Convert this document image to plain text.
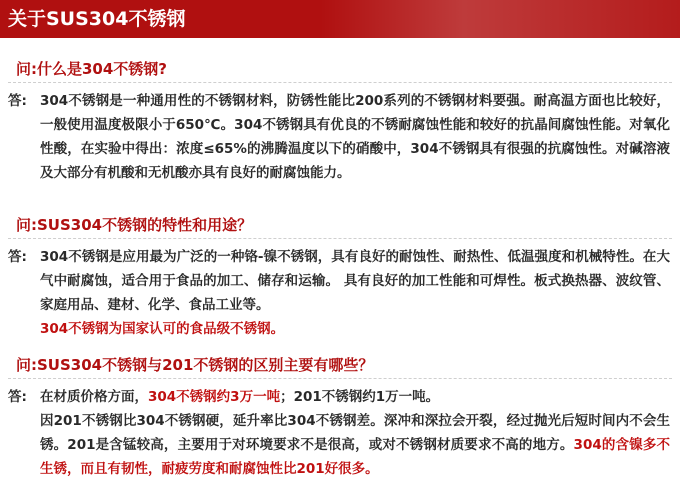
关于SUS304不锈钢
问:什么是304不锈钢?
答: 304不锈钢是一种通用性的不锈钢材料，防锈性能比200系列的不锈钢材料要强。耐高温方面也比较好，一般使用温度极限小于650℃。304不锈钢具有优良的不锈耐腐蚀性能和较好的抗晶间腐蚀性能。对氧化性酸，在实验中得出：浓度≤65%的沸腾温度以下的硝酸中，304不锈钢具有很强的抗腐蚀性。对碱溶液及大部分有机酸和无机酸亦具有良好的耐腐蚀能力。
问:SUS304不锈钢的特性和用途？
答: 304不锈钢是应用最为广泛的一种铬-镍不锈钢，具有良好的耐蚀性、耐热性、低温强度和机械特性。在大气中耐腐蚀，适合用于食品的加工、储存和运输。 具有良好的加工性能和可焊性。板式换热器、波纹管、家庭用品、建材、化学、食品工业等。
304不锈钢为国家认可的食品级不锈钢。
问:SUS304不锈钢与201不锈钢的区别主要有哪些？
答: 在材质价格方面，304不锈钢约3万一吨；201不锈钢约1万一吨。
因201不锈钢比304不锈钢硬，延升率比304不锈钢差。深冲和深拉会开裂，经过抛光后短时间内不会生锈。201是含锰较高，主要用于对环境要求不是很高，或对不锈钢材质要求不高的地方。304的含镍多不生锈，而且有韧性，耐疲劳度和耐腐蚀性比201好很多。
